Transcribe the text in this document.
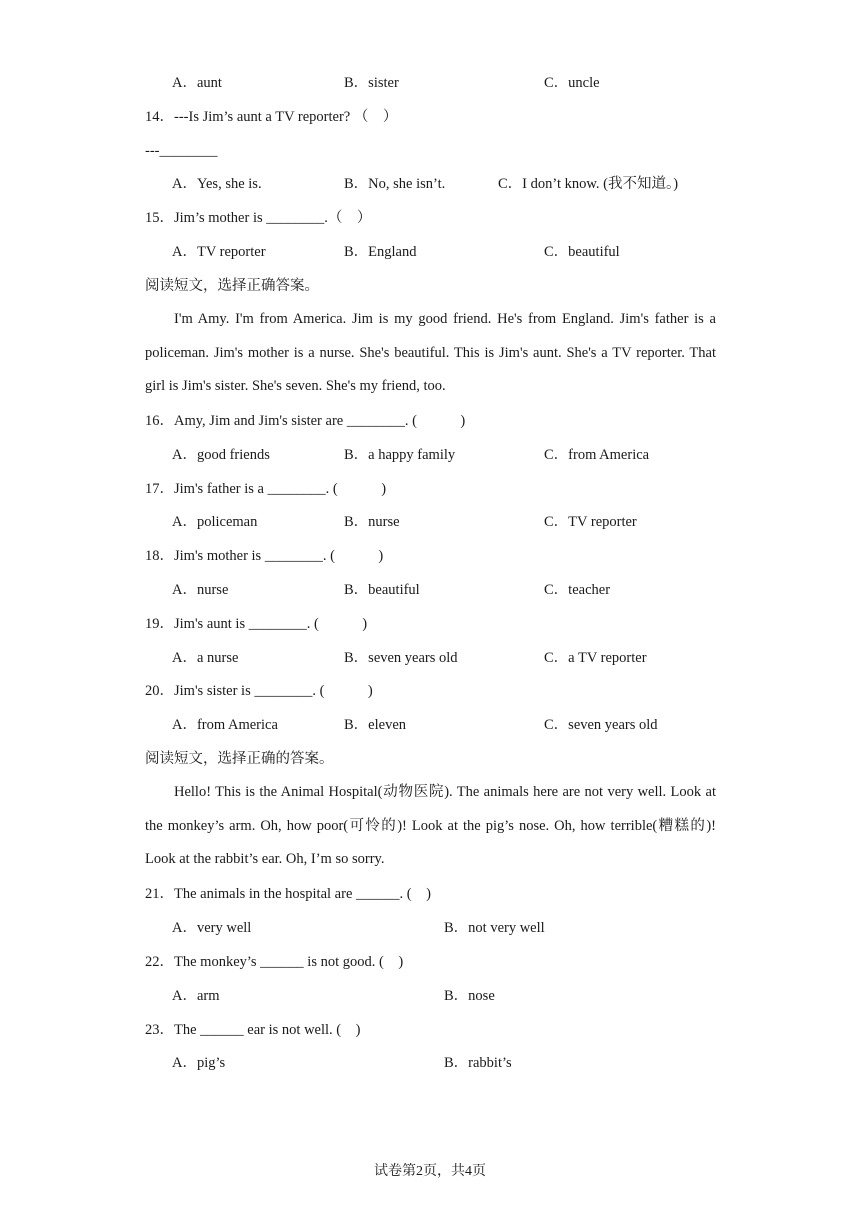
A．aunt	B．sister	C．uncle
14．---Is Jim’s aunt a TV reporter? （　）
---________
A．Yes, she is.	B．No, she isn’t.	C．I don’t know. (我不知道。)
15．Jim’s mother is ________.（　）
A．TV reporter	B．England	C．beautiful
阅读短文，选择正确答案。
I'm Amy. I'm from America. Jim is my good friend. He's from England. Jim's father is a policeman. Jim's mother is a nurse. She's beautiful. This is Jim's aunt. She's a TV reporter. That girl is Jim's sister. She's seven. She's my friend, too.
16．Amy, Jim and Jim's sister are ________. (　　　)
A．good friends	B．a happy family	C．from America
17．Jim's father is a ________. (　　　)
A．policeman	B．nurse	C．TV reporter
18．Jim's mother is ________. (　　　)
A．nurse	B．beautiful	C．teacher
19．Jim's aunt is ________. (　　　)
A．a nurse	B．seven years old	C．a TV reporter
20．Jim's sister is ________. (　　　)
A．from America	B．eleven	C．seven years old
阅读短文，选择正确的答案。
Hello! This is the Animal Hospital(动物医院). The animals here are not very well. Look at the monkey’s arm. Oh, how poor(可怜的)! Look at the pig’s nose. Oh, how terrible(糟糕的)! Look at the rabbit’s ear. Oh, I’m so sorry.
21．The animals in the hospital are ______. (　)
A．very well	B．not very well
22．The monkey’s ______ is not good. (　)
A．arm	B．nose
23．The ______ ear is not well. (　)
A．pig’s	B．rabbit’s
试卷第2页，共4页
